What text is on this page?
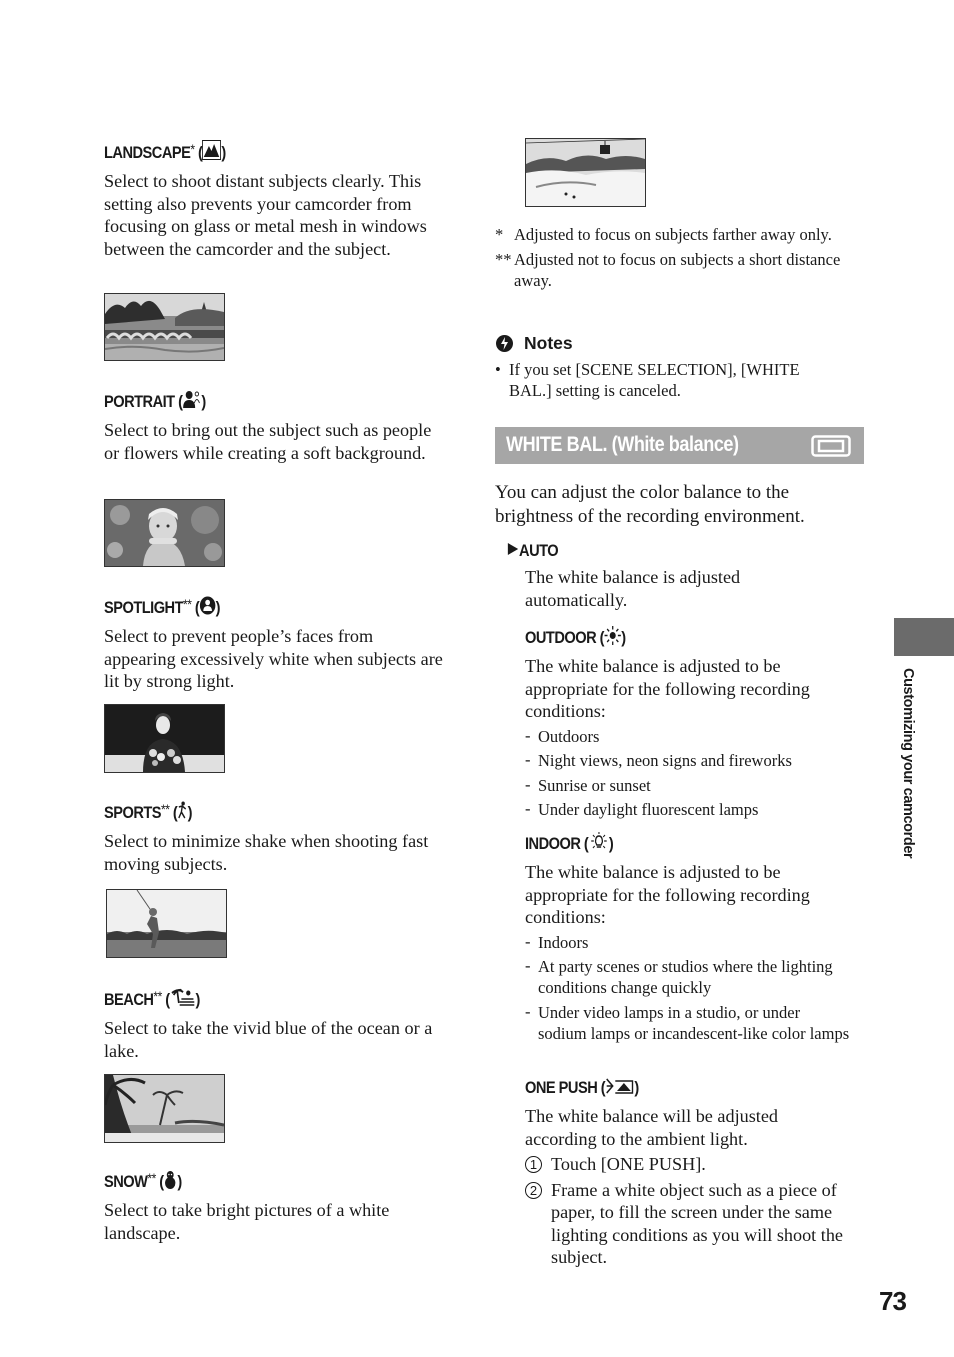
LANDSCAPE* ( )

Select to shoot distant subjects clearly. This setting also prevents your camcorder from focusing on glass or metal mesh in windows between the camcorder and the subject.

PORTRAIT ( )

Select to bring out the subject such as people or flowers while creating a soft background.

SPOTLIGHT** ( )

Select to prevent people’s faces from appearing excessively white when subjects are lit by strong light.

SPORTS** ( )

Select to minimize shake when shooting fast moving subjects.

BEACH** ( )

Select to take the vivid blue of the ocean or a lake.

SNOW** ( )

Select to take bright pictures of a white landscape.

* Adjusted to focus on subjects farther away only.
** Adjusted not to focus on subjects a short distance away.
Notes
• If you set [SCENE SELECTION], [WHITE BAL.] setting is canceled.
WHITE BAL. (White balance)

You can adjust the color balance to the brightness of the recording environment.

AUTO

The white balance is adjusted automatically.

OUTDOOR ( )

The white balance is adjusted to be appropriate for the following recording conditions:

- Outdoors
- Night views, neon signs and fireworks
- Sunrise or sunset
- Under daylight fluorescent lamps
INDOOR ( )

The white balance is adjusted to be appropriate for the following recording conditions:

- Indoors
- At party scenes or studios where the lighting conditions change quickly
- Under video lamps in a studio, or under sodium lamps or incandescent-like color lamps
ONE PUSH ( )

The white balance will be adjusted according to the ambient light.

1 Touch [ONE PUSH].

2 Frame a white object such as a piece of paper, to fill the screen under the same lighting conditions as you will shoot the subject.

Customizing your camcorder
73
